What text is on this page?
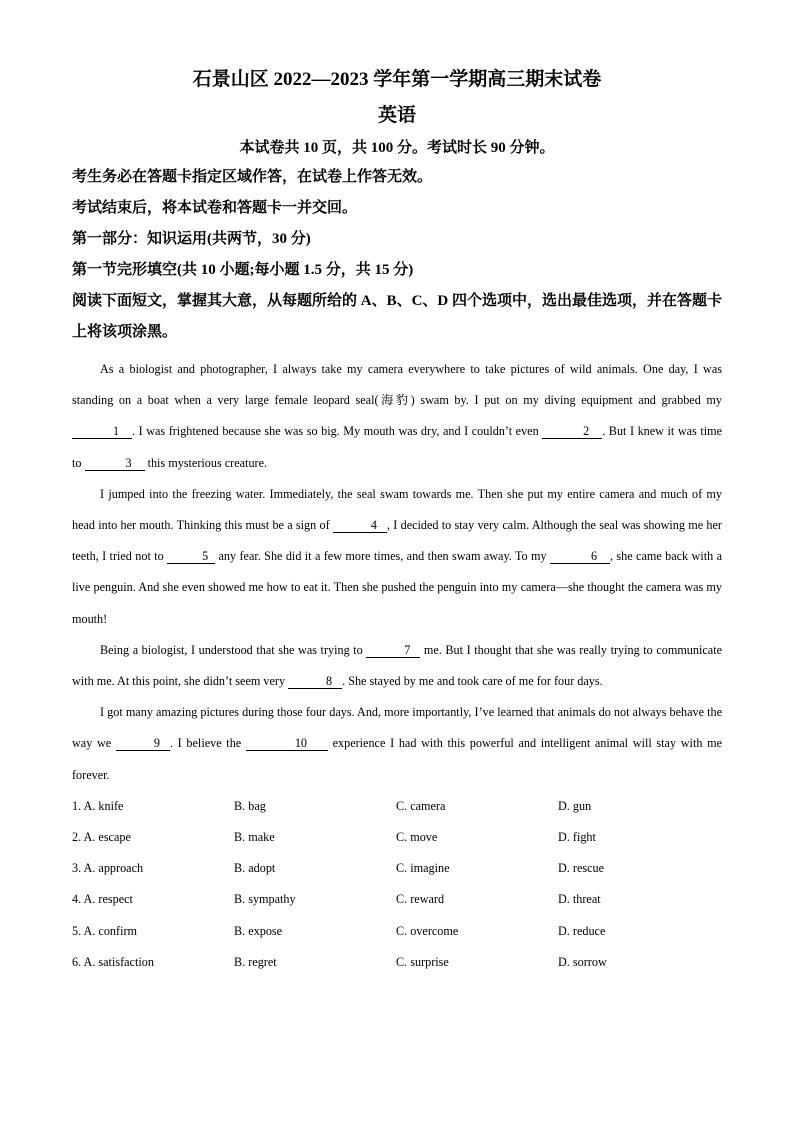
石景山区 2022—2023 学年第一学期高三期末试卷
英语
本试卷共 10 页，共 100 分。考试时长 90 分钟。
考生务必在答题卡指定区域作答，在试卷上作答无效。
考试结束后，将本试卷和答题卡一并交回。
第一部分：知识运用(共两节，30 分)
第一节完形填空(共 10 小题;每小题 1.5 分，共 15 分)
阅读下面短文，掌握其大意，从每题所给的 A、B、C、D 四个选项中，选出最佳选项，并在答题卡上将该项涂黑。

As a biologist and photographer, I always take my camera everywhere to take pictures of wild animals. One day, I was standing on a boat when a very large female leopard seal(海豹) swam by. I put on my diving equipment and grabbed my 1 . I was frightened because she was so big. My mouth was dry, and I couldn’t even	2 . But I knew it was time to	3 this mysterious creature.

I jumped into the freezing water. Immediately, the seal swam towards me. Then she put my entire camera and much of my head into her mouth. Thinking this must be a sign of	4 , I decided to stay very calm. Although the seal was showing me her teeth, I tried not to	5 any fear. She did it a few more times, and then swam away. To my	6 , she came back with a live penguin. And she even showed me how to eat it. Then she pushed the penguin into my camera—she thought the camera was my mouth!

Being a biologist, I understood that she was trying to	7 me. But I thought that she was really trying to communicate with me. At this point, she didn’t seem very	8 . She stayed by me and took care of me for four days.

I got many amazing pictures during those four days. And, more importantly, I’ve learned that animals do not always behave the way we	9 . I believe the	10 experience I had with this powerful and intelligent animal will stay with me forever.

1. A. knife	B. bag	C. camera	D. gun
2. A. escape	B. make	C. move	D. fight
3. A. approach	B. adopt	C. imagine	D. rescue
4. A. respect	B. sympathy	C. reward	D. threat
5. A. confirm	B. expose	C. overcome	D. reduce
6. A. satisfaction	B. regret	C. surprise	D. sorrow
